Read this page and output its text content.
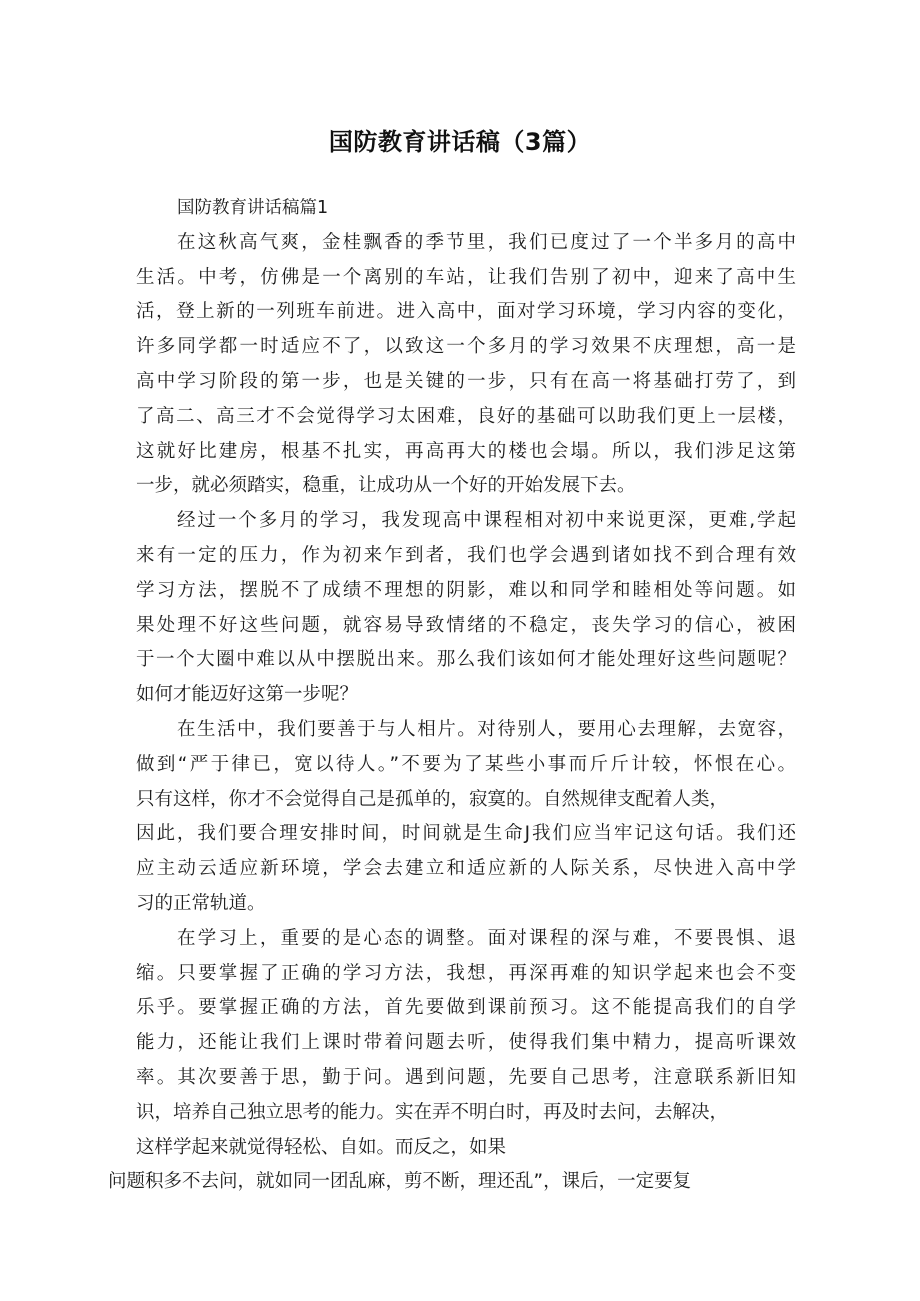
国防教育讲话稿（3篇）
国防教育讲话稿篇1
在这秋高气爽，金桂飘香的季节里，我们已度过了一个半多月的高中
生活。中考，仿佛是一个离别的车站，让我们告别了初中，迎来了高中生
活，登上新的一列班车前进。进入高中，面对学习环境，学习内容的变化，
许多同学都一时适应不了，以致这一个多月的学习效果不庆理想，高一是
高中学习阶段的第一步，也是关键的一步，只有在高一将基础打劳了，到
了高二、高三才不会觉得学习太困难，良好的基础可以助我们更上一层楼，
这就好比建房，根基不扎实，再高再大的楼也会塌。所以，我们涉足这第
一步，就必须踏实，稳重，让成功从一个好的开始发展下去。
经过一个多月的学习，我发现高中课程相对初中来说更深，更难,学起
来有一定的压力，作为初来乍到者，我们也学会遇到诸如找不到合理有效
学习方法，摆脱不了成绩不理想的阴影，难以和同学和睦相处等问题。如
果处理不好这些问题，就容易导致情绪的不稳定，丧失学习的信心，被困
于一个大圈中难以从中摆脱出来。那么我们该如何才能处理好这些问题呢？
如何才能迈好这第一步呢？
在生活中，我们要善于与人相片。对待别人，要用心去理解，去宽容，
做到“严于律已，宽以待人。”不要为了某些小事而斤斤计较，怀恨在心。
只有这样，你才不会觉得自己是孤单的，寂寞的。自然规律支配着人类，
因此，我们要合理安排时间，时间就是生命J我们应当牢记这句话。我们还
应主动云适应新环境，学会去建立和适应新的人际关系，尽快进入高中学
习的正常轨道。
在学习上，重要的是心态的调整。面对课程的深与难，不要畏惧、退
缩。只要掌握了正确的学习方法，我想，再深再难的知识学起来也会不变
乐乎。要掌握正确的方法，首先要做到课前预习。这不能提高我们的自学
能力，还能让我们上课时带着问题去听，使得我们集中精力，提高听课效
率。其次要善于思，勤于问。遇到问题，先要自己思考，注意联系新旧知
识，培养自己独立思考的能力。实在弄不明白时，再及时去问，去解决，
这样学起来就觉得轻松、自如。而反之，如果
问题积多不去问，就如同一团乱麻，剪不断，理还乱”，课后，一定要复
